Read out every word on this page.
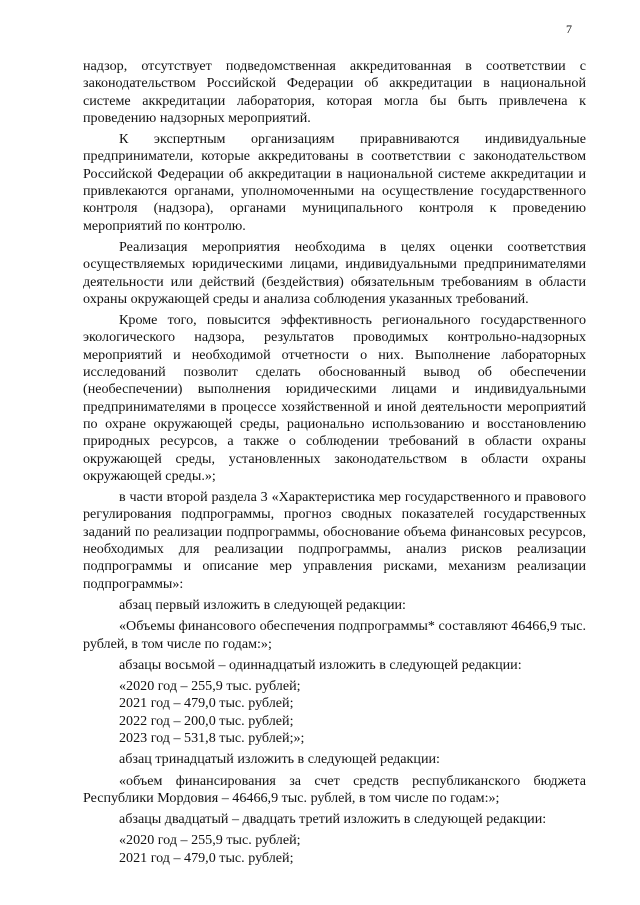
7

надзор, отсутствует подведомственная аккредитованная в соответствии с законодательством Российской Федерации об аккредитации в национальной системе аккредитации лаборатория, которая могла бы быть привлечена к проведению надзорных мероприятий.

К экспертным организациям приравниваются индивидуальные предприниматели, которые аккредитованы в соответствии с законодательством Российской Федерации об аккредитации в национальной системе аккредитации и привлекаются органами, уполномоченными на осуществление государственного контроля (надзора), органами муниципального контроля к проведению мероприятий по контролю.

Реализация мероприятия необходима в целях оценки соответствия осуществляемых юридическими лицами, индивидуальными предпринимателями деятельности или действий (бездействия) обязательным требованиям в области охраны окружающей среды и анализа соблюдения указанных требований.

Кроме того, повысится эффективность регионального государственного экологического надзора, результатов проводимых контрольно-надзорных мероприятий и необходимой отчетности о них. Выполнение лабораторных исследований позволит сделать обоснованный вывод об обеспечении (необеспечении) выполнения юридическими лицами и индивидуальными предпринимателями в процессе хозяйственной и иной деятельности мероприятий по охране окружающей среды, рационально использованию и восстановлению природных ресурсов, а также о соблюдении требований в области охраны окружающей среды, установленных законодательством в области охраны окружающей среды.»;

в части второй раздела 3 «Характеристика мер государственного и правового регулирования подпрограммы, прогноз сводных показателей государственных заданий по реализации подпрограммы, обоснование объема финансовых ресурсов, необходимых для реализации подпрограммы, анализ рисков реализации подпрограммы и описание мер управления рисками, механизм реализации подпрограммы»:

абзац первый изложить в следующей редакции:

«Объемы финансового обеспечения подпрограммы* составляют 46466,9 тыс. рублей, в том числе по годам:»;

абзацы восьмой – одиннадцатый изложить в следующей редакции:

«2020 год – 255,9 тыс. рублей;

2021 год – 479,0 тыс. рублей;

2022 год – 200,0 тыс. рублей;

2023 год – 531,8 тыс. рублей;»;

абзац тринадцатый изложить в следующей редакции:

«объем финансирования за счет средств республиканского бюджета Республики Мордовия – 46466,9 тыс. рублей, в том числе по годам:»;

абзацы двадцатый – двадцать третий изложить в следующей редакции:

«2020 год – 255,9 тыс. рублей;

2021 год – 479,0 тыс. рублей;
